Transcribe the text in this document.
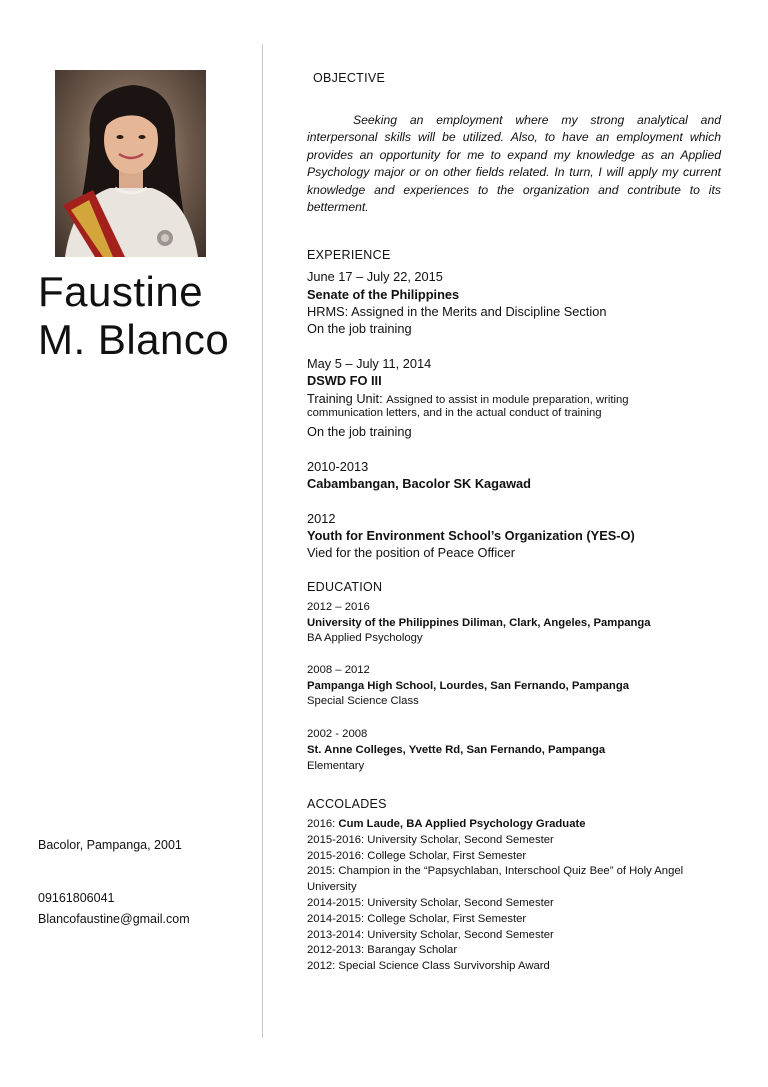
Faustine
M. Blanco
Bacolor, Pampanga, 2001
09161806041
Blancofaustine@gmail.com
OBJECTIVE
Seeking an employment where my strong analytical and interpersonal skills will be utilized. Also, to have an employment which provides an opportunity for me to expand my knowledge as an Applied Psychology major or on other fields related. In turn, I will apply my current knowledge and experiences to the organization and contribute to its betterment.
EXPERIENCE
June 17 – July 22, 2015
Senate of the Philippines
HRMS: Assigned in the Merits and Discipline Section
On the job training
May 5 – July 11, 2014
DSWD FO III
Training Unit: Assigned to assist in module preparation, writing
communication letters, and in the actual conduct of training
On the job training
2010-2013
Cabambangan, Bacolor SK Kagawad
2012
Youth for Environment School’s Organization (YES-O)
Vied for the position of Peace Officer
EDUCATION
2012 – 2016
University of the Philippines Diliman, Clark, Angeles, Pampanga
BA Applied Psychology
2008 – 2012
Pampanga High School, Lourdes, San Fernando, Pampanga
Special Science Class
2002 - 2008
St. Anne Colleges, Yvette Rd, San Fernando, Pampanga
Elementary
ACCOLADES
2016: Cum Laude, BA Applied Psychology Graduate
2015-2016: University Scholar, Second Semester
2015-2016: College Scholar, First Semester
2015: Champion in the “Papsychlaban, Interschool Quiz Bee” of Holy Angel University
2014-2015: University Scholar, Second Semester
2014-2015: College Scholar, First Semester
2013-2014: University Scholar, Second Semester
2012-2013: Barangay Scholar
2012: Special Science Class Survivorship Award
